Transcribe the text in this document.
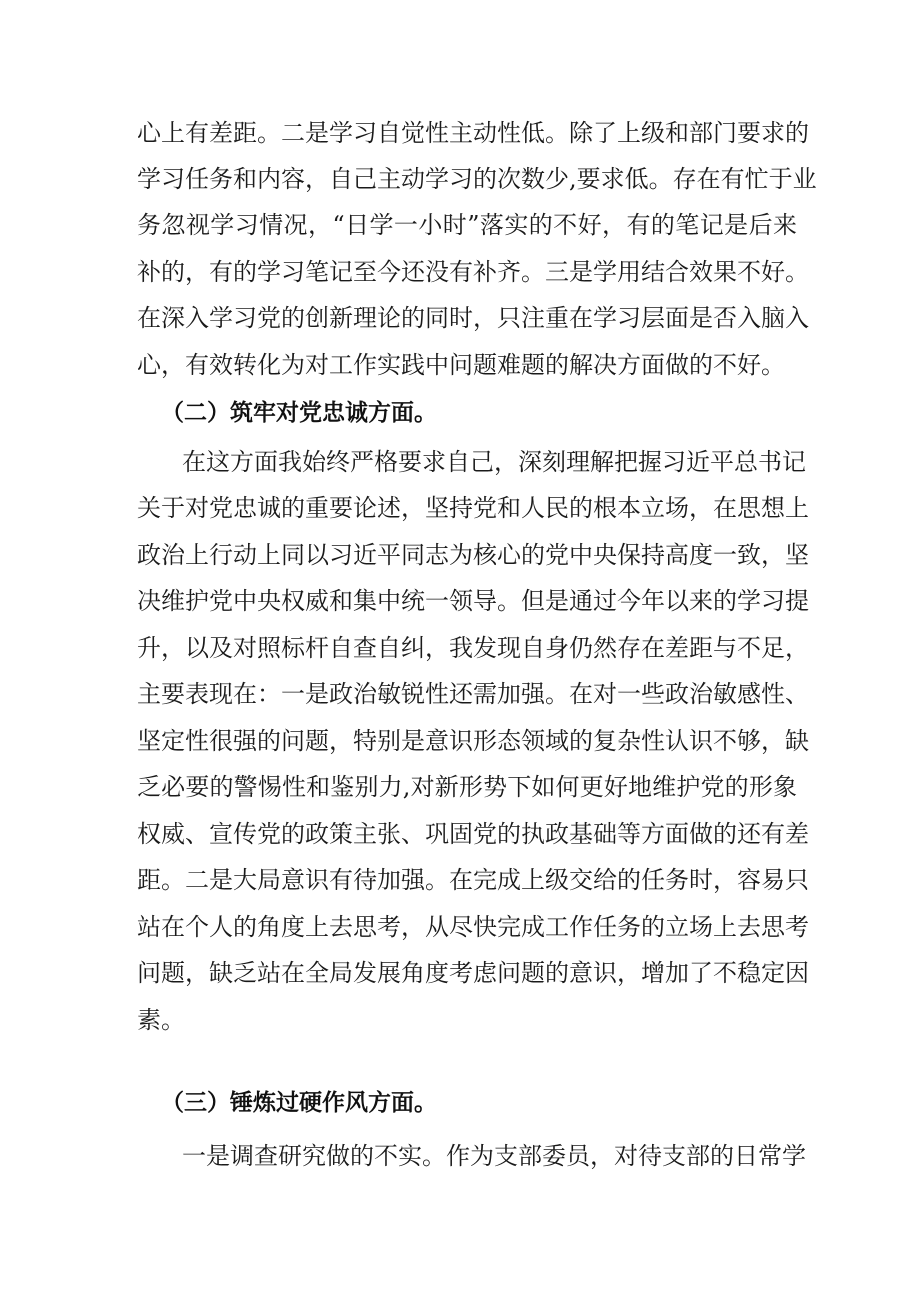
心上有差距。二是学习自觉性主动性低。除了上级和部门要求的
学习任务和内容，自己主动学习的次数少,要求低。存在有忙于业
务忽视学习情况，“日学一小时”落实的不好，有的笔记是后来
补的，有的学习笔记至今还没有补齐。三是学用结合效果不好。
在深入学习党的创新理论的同时，只注重在学习层面是否入脑入
心，有效转化为对工作实践中问题难题的解决方面做的不好。
（二）筑牢对党忠诚方面。
在这方面我始终严格要求自己，深刻理解把握习近平总书记
关于对党忠诚的重要论述，坚持党和人民的根本立场，在思想上
政治上行动上同以习近平同志为核心的党中央保持高度一致，坚
决维护党中央权威和集中统一领导。但是通过今年以来的学习提
升，以及对照标杆自查自纠，我发现自身仍然存在差距与不足，
主要表现在：一是政治敏锐性还需加强。在对一些政治敏感性、
坚定性很强的问题，特别是意识形态领域的复杂性认识不够，缺
乏必要的警惕性和鉴别力,对新形势下如何更好地维护党的形象
权威、宣传党的政策主张、巩固党的执政基础等方面做的还有差
距。二是大局意识有待加强。在完成上级交给的任务时，容易只
站在个人的角度上去思考，从尽快完成工作任务的立场上去思考
问题，缺乏站在全局发展角度考虑问题的意识，增加了不稳定因
素。
（三）锤炼过硬作风方面。
一是调查研究做的不实。作为支部委员，对待支部的日常学
